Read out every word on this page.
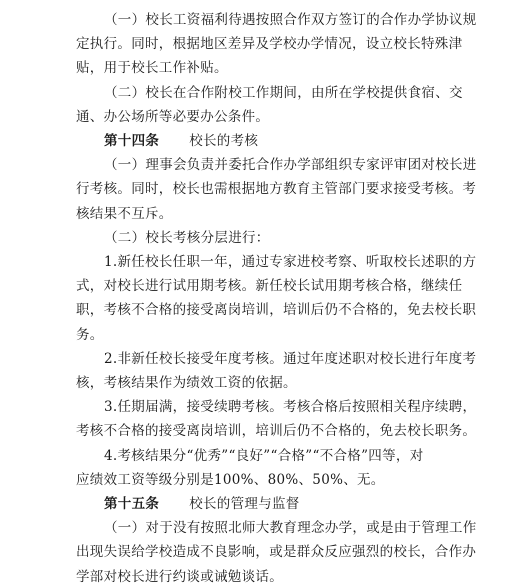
（一）校长工资福利待遇按照合作双方签订的合作办学协议规
定执行。同时，根据地区差异及学校办学情况，设立校长特殊津
贴，用于校长工作补贴。
（二）校长在合作附校工作期间，由所在学校提供食宿、交
通、办公场所等必要办公条件。
第十四条 校长的考核
（一）理事会负责并委托合作办学部组织专家评审团对校长进
行考核。同时，校长也需根据地方教育主管部门要求接受考核。考
核结果不互斥。
（二）校长考核分层进行：
1.新任校长任职一年，通过专家进校考察、听取校长述职的方
式，对校长进行试用期考核。新任校长试用期考核合格，继续任
职，考核不合格的接受离岗培训，培训后仍不合格的，免去校长职
务。
2.非新任校长接受年度考核。通过年度述职对校长进行年度考
核，考核结果作为绩效工资的依据。
3.任期届满，接受续聘考核。考核合格后按照相关程序续聘，
考核不合格的接受离岗培训，培训后仍不合格的，免去校长职务。
4.考核结果分“优秀”“良好”“合格”“不合格”四等，对
应绩效工资等级分别是100%、80%、50%、无。
第十五条 校长的管理与监督
（一）对于没有按照北师大教育理念办学，或是由于管理工作
出现失误给学校造成不良影响，或是群众反应强烈的校长，合作办
学部对校长进行约谈或诫勉谈话。
